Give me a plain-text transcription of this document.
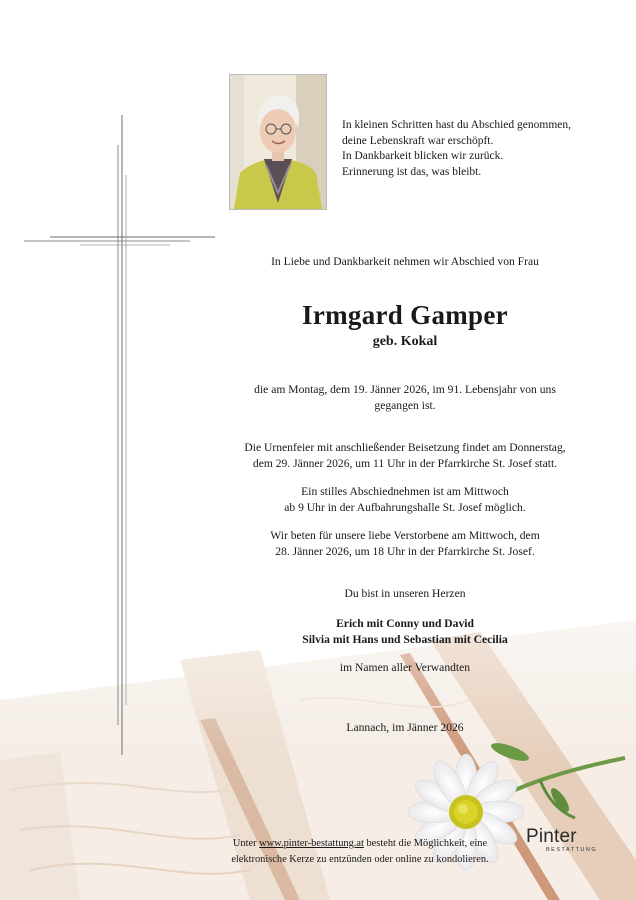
In kleinen Schritten hast du Abschied genommen,
deine Lebenskraft war erschöpft.
In Dankbarkeit blicken wir zurück.
Erinnerung ist das, was bleibt.
In Liebe und Dankbarkeit nehmen wir Abschied von Frau
Irmgard Gamper
geb. Kokal
die am Montag, dem 19. Jänner 2026, im 91. Lebensjahr von uns
gegangen ist.
Die Urnenfeier mit anschließender Beisetzung findet am Donnerstag,
dem 29. Jänner 2026, um 11 Uhr in der Pfarrkirche St. Josef statt.
Ein stilles Abschiednehmen ist am Mittwoch
ab 9 Uhr in der Aufbahrungshalle St. Josef möglich.
Wir beten für unsere liebe Verstorbene am Mittwoch, dem
28. Jänner 2026, um 18 Uhr in der Pfarrkirche St. Josef.
Du bist in unseren Herzen
Erich mit Conny und David
Silvia mit Hans und Sebastian mit Cecilia
im Namen aller Verwandten
Lannach, im Jänner 2026
Unter www.pinter-bestattung.at besteht die Möglichkeit, eine
elektronische Kerze zu entzünden oder online zu kondolieren.
Pinter
BESTATTUNG
